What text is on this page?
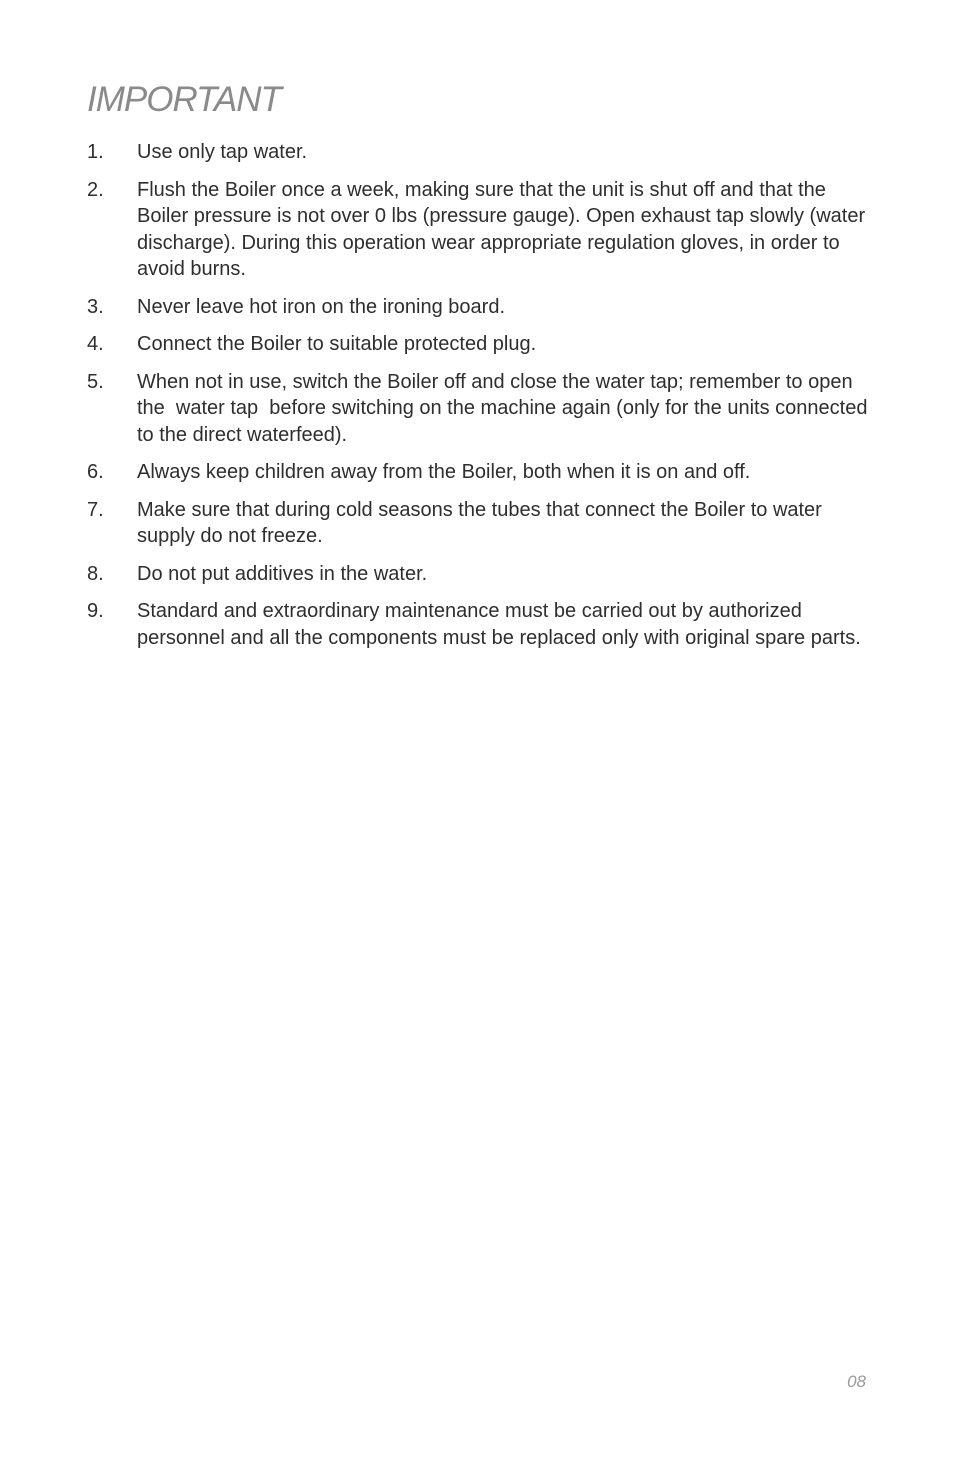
IMPORTANT
1.	Use only tap water.
2.	Flush the Boiler once a week, making sure that the unit is shut off and that the Boiler pressure is not over 0 lbs (pressure gauge). Open exhaust tap slowly (water discharge). During this operation wear appropriate regulation gloves, in order to avoid burns.
3.	Never leave hot iron on the ironing board.
4.	Connect the Boiler to suitable protected plug.
5.	When not in use, switch the Boiler off and close the water tap; remember to open the  water tap  before switching on the machine again (only for the units connected to the direct waterfeed).
6.	Always keep children away from the Boiler, both when it is on and off.
7.	Make sure that during cold seasons the tubes that connect the Boiler to water supply do not freeze.
8.	Do not put additives in the water.
9.	Standard and extraordinary maintenance must be carried out by authorized personnel and all the components must be replaced only with original spare parts.
08
